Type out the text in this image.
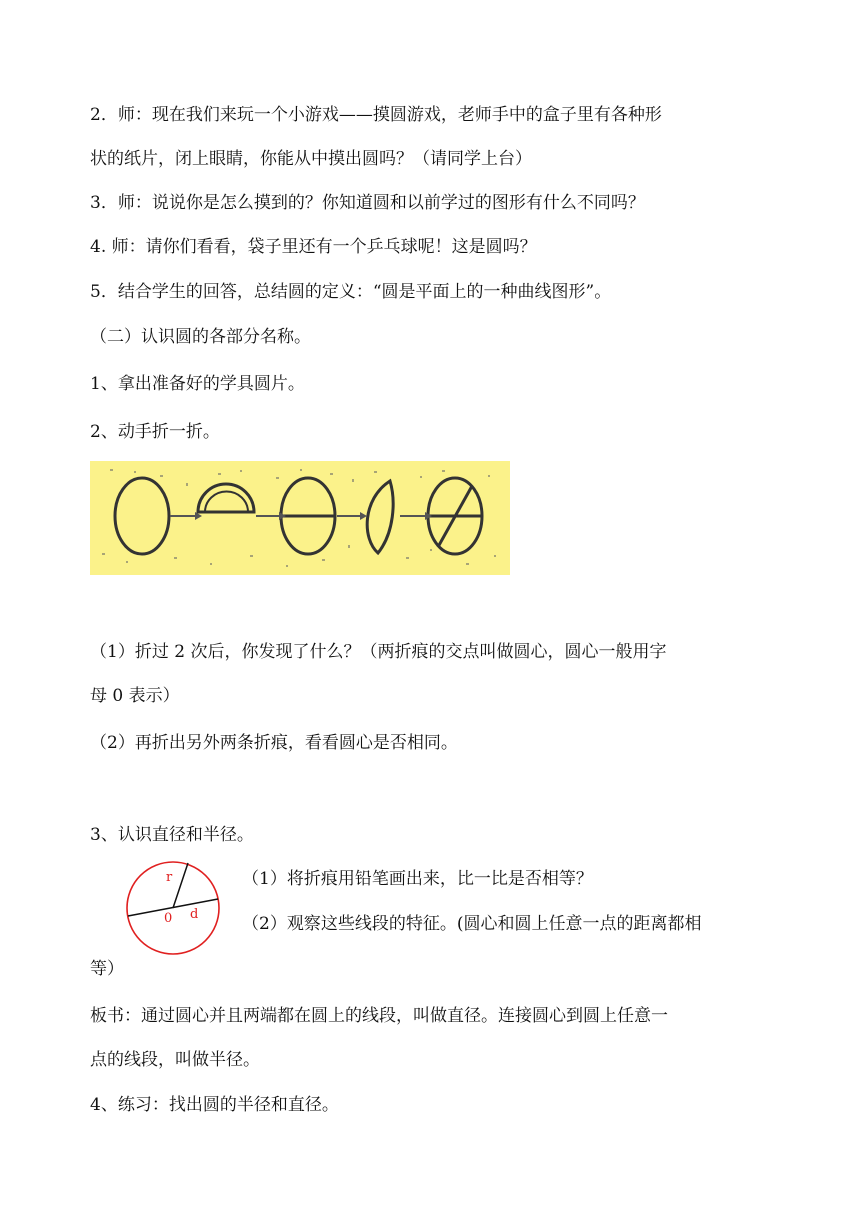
2．师：现在我们来玩一个小游戏——摸圆游戏，老师手中的盒子里有各种形
状的纸片，闭上眼睛，你能从中摸出圆吗？（请同学上台）
3．师：说说你是怎么摸到的？你知道圆和以前学过的图形有什么不同吗？
4. 师：请你们看看，袋子里还有一个乒乓球呢！这是圆吗？
5．结合学生的回答，总结圆的定义：“圆是平面上的一种曲线图形”。
（二）认识圆的各部分名称。
1、拿出准备好的学具圆片。
2、动手折一折。
（1）折过 2 次后，你发现了什么？（两折痕的交点叫做圆心，圆心一般用字
母 0 表示）
（2）再折出另外两条折痕，看看圆心是否相同。
3、认识直径和半径。
r
0 d
（1）将折痕用铅笔画出来，比一比是否相等？
（2）观察这些线段的特征。(圆心和圆上任意一点的距离都相
等）
板书：通过圆心并且两端都在圆上的线段，叫做直径。连接圆心到圆上任意一
点的线段，叫做半径。
4、练习：找出圆的半径和直径。
